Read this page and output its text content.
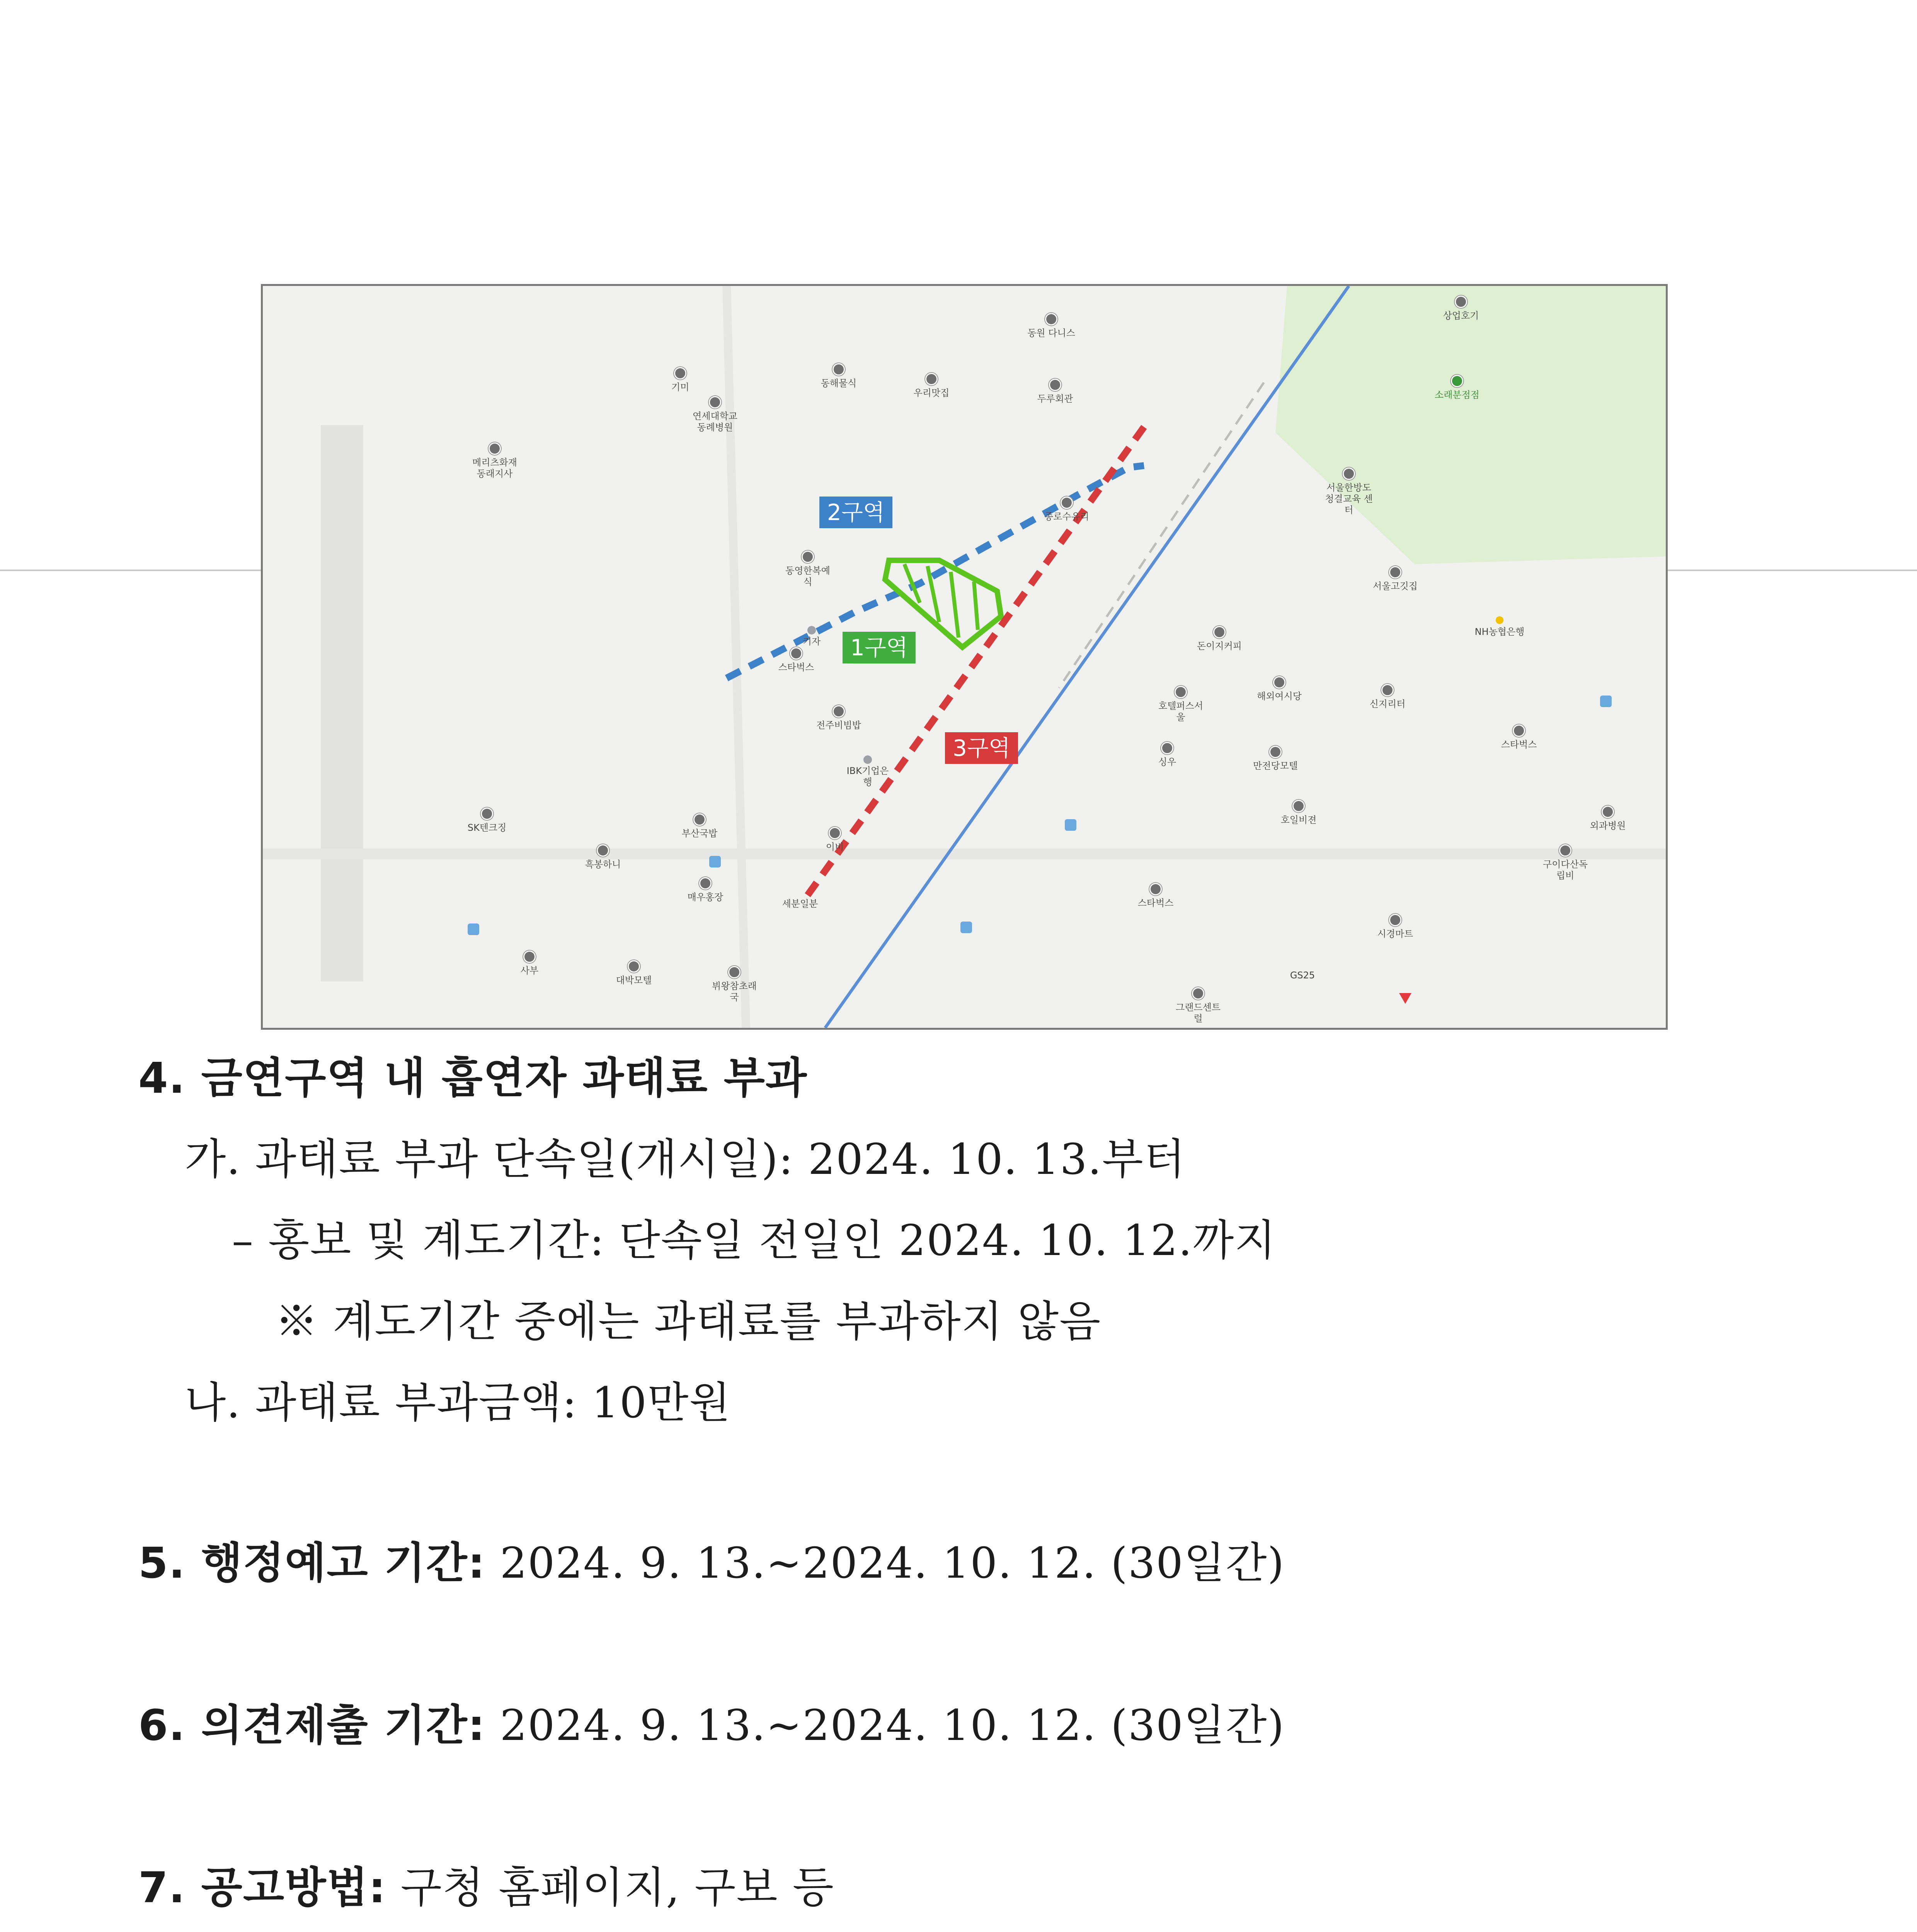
2구역
1구역
3구역
동원 다니스
상업호기
소래분점점
기미	동해물식
우리맛집
두루회관
연세대학교 동례병원
메리츠화재 동래지사
종로수유리
서울한방도 청결교육 센터
동영한복예식	서울고깃집
키자
스타벅스
NH농협은행
돈이지커피
호텔퍼스서울
해외여시당
신지리터
스타벅스
전주비빔밥
IBK기업은행
싱우	만전당모텔
SK텐크징
부산국밥
호일비젼
외과병원
흑봉하니
이비
구이다산독립비
매우홍장
세분일분	스타벅스
시경마트
사부
대박모텔
뷔왕참초래국
그랜드센트럴
GS25
4. 금연구역 내 흡연자 과태료 부과
가. 과태료 부과 단속일(개시일): 2024. 10. 13.부터
– 홍보 및 계도기간: 단속일 전일인 2024. 10. 12.까지
※ 계도기간 중에는 과태료를 부과하지 않음
나. 과태료 부과금액: 10만원
5. 행정예고 기간: 2024. 9. 13.~2024. 10. 12. (30일간)
6. 의견제출 기간: 2024. 9. 13.~2024. 10. 12. (30일간)
7. 공고방법: 구청 홈페이지, 구보 등
